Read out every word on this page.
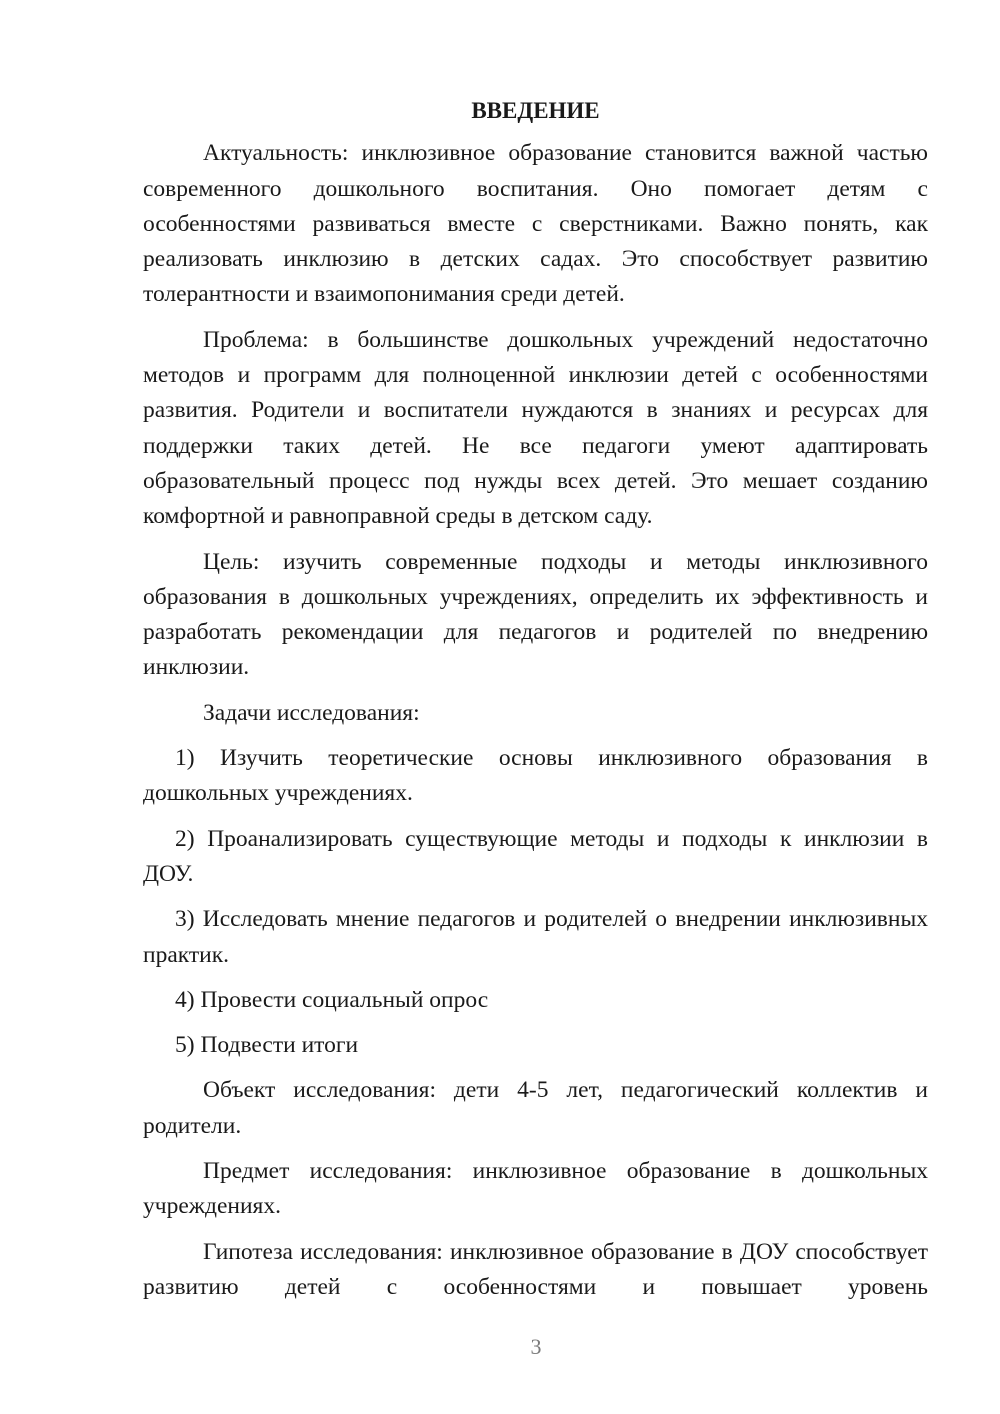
ВВЕДЕНИЕ

Актуальность: инклюзивное образование становится важной частью современного дошкольного воспитания. Оно помогает детям с особенностями развиваться вместе с сверстниками. Важно понять, как реализовать инклюзию в детских садах. Это способствует развитию толерантности и взаимопонимания среди детей.

Проблема: в большинстве дошкольных учреждений недостаточно методов и программ для полноценной инклюзии детей с особенностями развития. Родители и воспитатели нуждаются в знаниях и ресурсах для поддержки таких детей. Не все педагоги умеют адаптировать образовательный процесс под нужды всех детей. Это мешает созданию комфортной и равноправной среды в детском саду.

Цель: изучить современные подходы и методы инклюзивного образования в дошкольных учреждениях, определить их эффективность и разработать рекомендации для педагогов и родителей по внедрению инклюзии.

Задачи исследования:

1) Изучить теоретические основы инклюзивного образования в дошкольных учреждениях.

2) Проанализировать существующие методы и подходы к инклюзии в ДОУ.

3) Исследовать мнение педагогов и родителей о внедрении инклюзивных практик.

4) Провести социальный опрос

5) Подвести итоги

Объект исследования: дети 4-5 лет, педагогический коллектив и родители.

Предмет исследования: инклюзивное образование в дошкольных учреждениях.

Гипотеза исследования: инклюзивное образование в ДОУ способствует развитию детей с особенностями и повышает уровень

3
